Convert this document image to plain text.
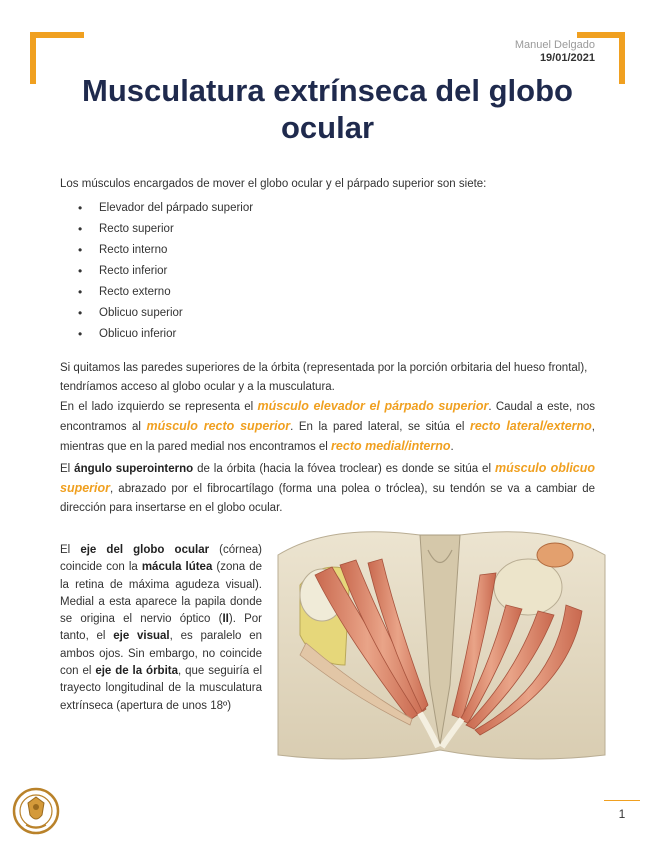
Manuel Delgado
19/01/2021
Musculatura extrínseca del globo ocular

Los músculos encargados de mover el globo ocular y el párpado superior son siete:

• Elevador del párpado superior
• Recto superior
• Recto interno
• Recto inferior
• Recto externo
• Oblicuo superior
• Oblicuo inferior

Si quitamos las paredes superiores de la órbita (representada por la porción orbitaria del hueso frontal), tendríamos acceso al globo ocular y a la musculatura.

En el lado izquierdo se representa el músculo elevador el párpado superior. Caudal a este, nos encontramos al músculo recto superior. En la pared lateral, se sitúa el recto lateral/externo, mientras que en la pared medial nos encontramos el recto medial/interno.

El ángulo superointerno de la órbita (hacia la fóvea troclear) es donde se sitúa el músculo oblicuo superior, abrazado por el fibrocartílago (forma una polea o tróclea), su tendón se va a cambiar de dirección para insertarse en el globo ocular.

El eje del globo ocular (córnea) coincide con la mácula lútea (zona de la retina de máxima agudeza visual). Medial a esta aparece la papila donde se origina el nervio óptico (II). Por tanto, el eje visual, es paralelo en ambos ojos. Sin embargo, no coincide con el eje de la órbita, que seguiría el trayecto longitudinal de la musculatura extrínseca (apertura de unos 18º)

1
